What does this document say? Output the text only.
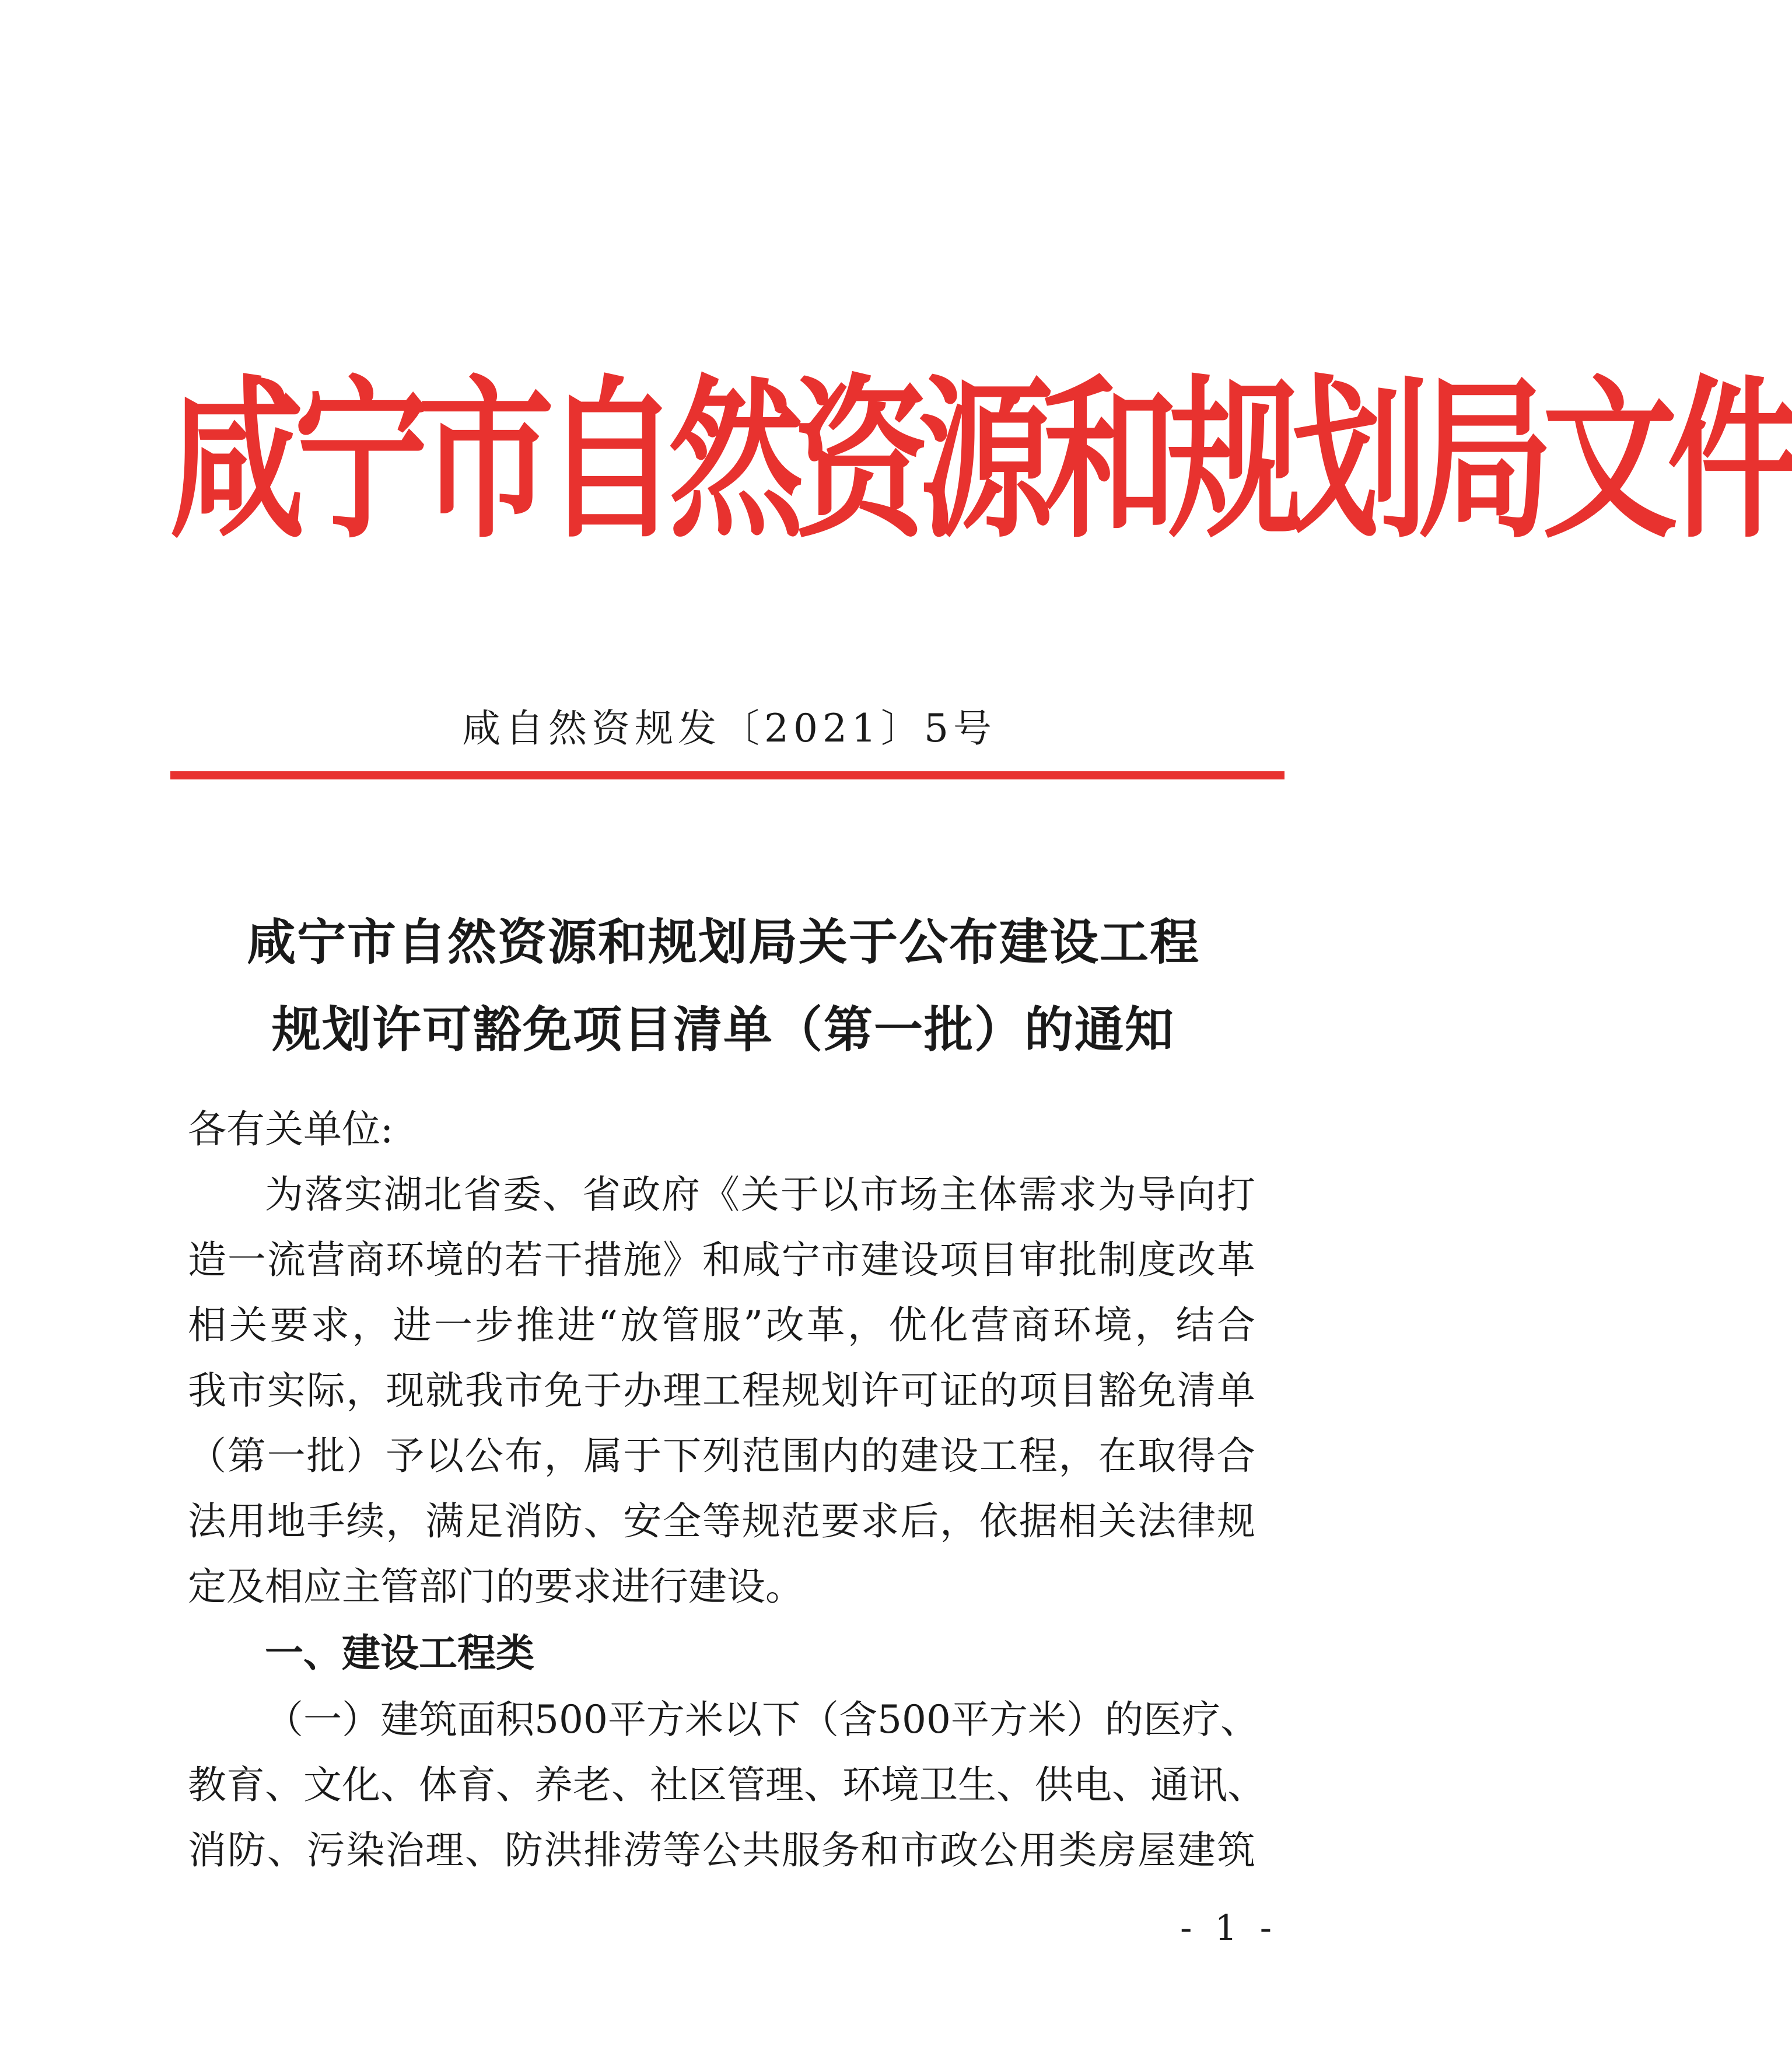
咸宁市自然资源和规划局文件
咸自然资规发〔2021〕5号
咸宁市自然资源和规划局关于公布建设工程
规划许可豁免项目清单（第一批）的通知

各有关单位:

为落实湖北省委、省政府《关于以市场主体需求为导向打

造一流营商环境的若干措施》和咸宁市建设项目审批制度改革

相关要求，进一步推进“放管服”改革，优化营商环境，结合

我市实际，现就我市免于办理工程规划许可证的项目豁免清单

（第一批）予以公布，属于下列范围内的建设工程，在取得合

法用地手续，满足消防、安全等规范要求后，依据相关法律规

定及相应主管部门的要求进行建设。

一、建设工程类

（一）建筑面积500平方米以下（含500平方米）的医疗、

教育、文化、体育、养老、社区管理、环境卫生、供电、通讯、

消防、污染治理、防洪排涝等公共服务和市政公用类房屋建筑

- 1 -
